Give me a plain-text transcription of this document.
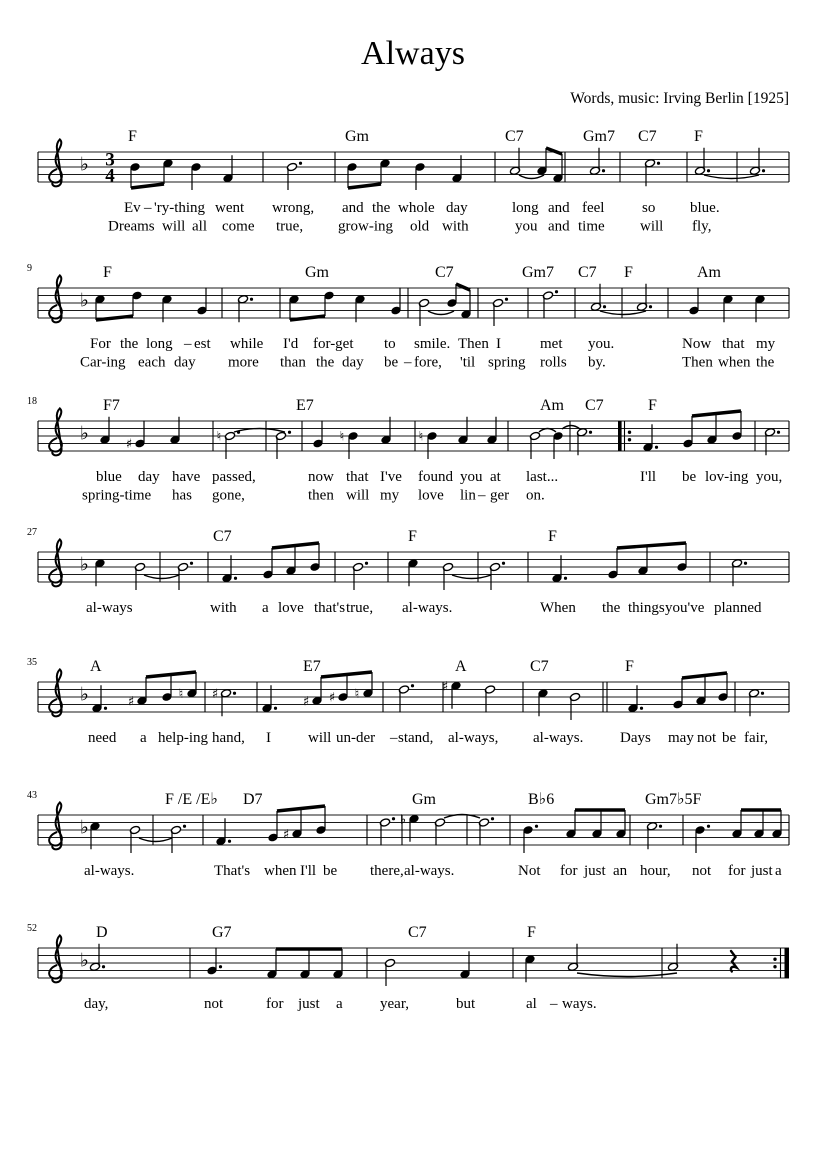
Always
Words, music: Irving Berlin [1925]
♭ 3
4
F	Gm	C7	Gm7 C7 F
Ev – 'ry-thing went wrong, and the whole day	long and feel	so blue.
Dreams will all come true, grow-ing old with	you and time will fly,
9
♭
F	Gm	C7	Gm7 C7 F	Am
For the long – est while I'd for-get to smile. Then I	met you.	Now that my
Car-ing each day more than the day be – fore, 'til spring rolls by.	Then when the
18
♭
F7	E7	Am C7	F
♯	♮	♮	♮
blue day have passed,	now that I've found you at last...	I'll be lov-ing you,
spring-time has gone,	then will my love lin – ger on.
27
♭
C7	F	F
al-ways	with a love that's true, al-ways.	When the things you've planned
35
♭
A	E7	A	C7	F
♯	♮ ♯	♯ ♯ ♮	♯
need a help-ing hand, I will un-der – stand, al-ways, al-ways. Days may not be fair,
43
♭
F /E /E♭ D7	Gm	B♭6	Gm7♭5F
♯
♭
al-ways.	That's when I'll be there, al-ways.	Not for just an hour, not for just a
52
♭
D	G7	C7	F
day,	not	for just a year,	but	al – ways.
